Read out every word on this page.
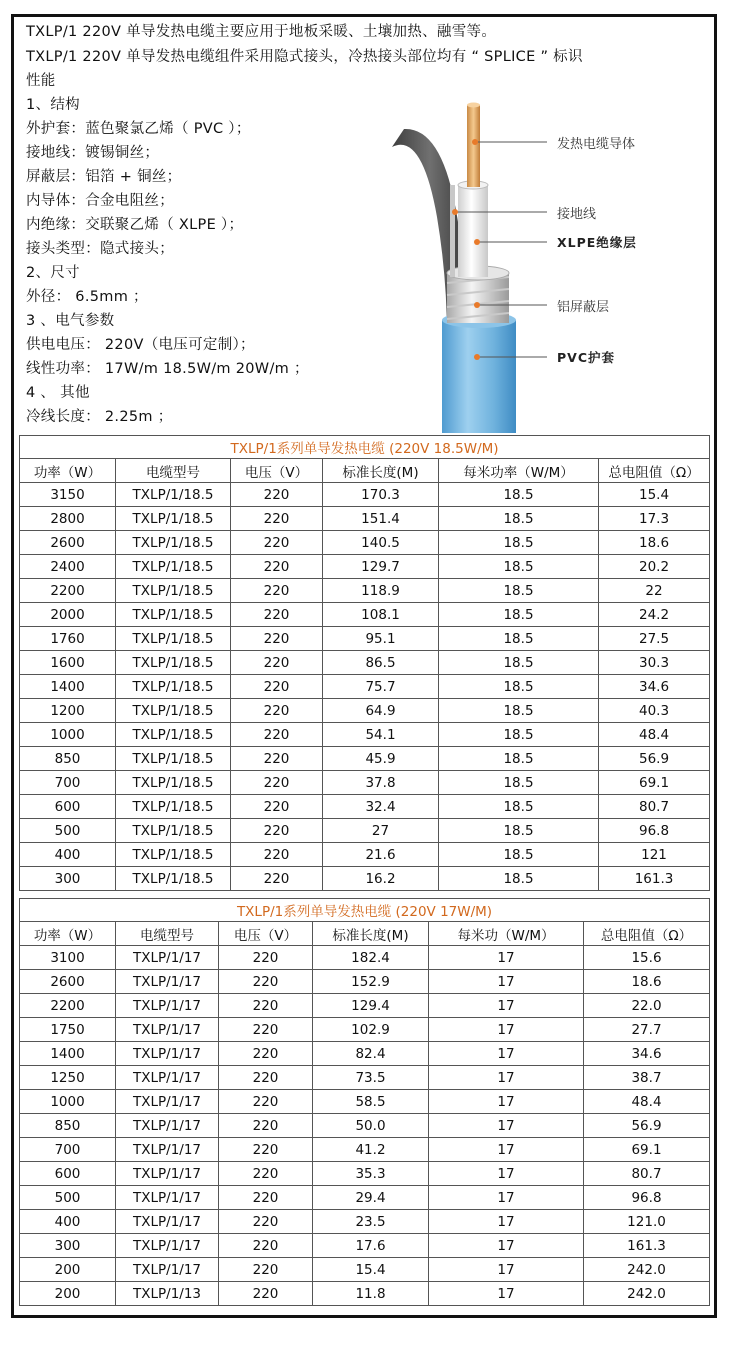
TXLP/1 220V 单导发热电缆主要应用于地板采暖、土壤加热、融雪等。
TXLP/1 220V 单导发热电缆组件采用隐式接头，冷热接头部位均有 “ SPLICE ” 标识
性能
1、结构
外护套：蓝色聚氯乙烯（ PVC ）；
接地线：镀锡铜丝；
屏蔽层：铝箔 + 铜丝；
内导体：合金电阻丝；
内绝缘：交联聚乙烯（ XLPE ）；
接头类型：隐式接头；
2、尺寸
外径： 6.5mm ；
3 、电气参数
供电电压： 220V（电压可定制）；
线性功率： 17W/m 18.5W/m 20W/m ；
4 、 其他
冷线长度： 2.25m ；
发热电缆导体
接地线
XLPE绝缘层
铝屏蔽层
PVC护套
TXLP/1系列单导发热电缆 (220V 18.5W/M)					
功率（W）	电缆型号	电压（V）	标准长度(M)	每米功率（W/M）	总电阻值（Ω）
3150	TXLP/1/18.5	220	170.3	18.5	15.4
2800	TXLP/1/18.5	220	151.4	18.5	17.3
2600	TXLP/1/18.5	220	140.5	18.5	18.6
2400	TXLP/1/18.5	220	129.7	18.5	20.2
2200	TXLP/1/18.5	220	118.9	18.5	22
2000	TXLP/1/18.5	220	108.1	18.5	24.2
1760	TXLP/1/18.5	220	95.1	18.5	27.5
1600	TXLP/1/18.5	220	86.5	18.5	30.3
1400	TXLP/1/18.5	220	75.7	18.5	34.6
1200	TXLP/1/18.5	220	64.9	18.5	40.3
1000	TXLP/1/18.5	220	54.1	18.5	48.4
850	TXLP/1/18.5	220	45.9	18.5	56.9
700	TXLP/1/18.5	220	37.8	18.5	69.1
600	TXLP/1/18.5	220	32.4	18.5	80.7
500	TXLP/1/18.5	220	27	18.5	96.8
400	TXLP/1/18.5	220	21.6	18.5	121
300	TXLP/1/18.5	220	16.2	18.5	161.3
TXLP/1系列单导发热电缆 (220V 17W/M)					
功率（W）	电缆型号	电压（V）	标准长度(M)	每米功（W/M）	总电阻值（Ω）
3100	TXLP/1/17	220	182.4	17	15.6
2600	TXLP/1/17	220	152.9	17	18.6
2200	TXLP/1/17	220	129.4	17	22.0
1750	TXLP/1/17	220	102.9	17	27.7
1400	TXLP/1/17	220	82.4	17	34.6
1250	TXLP/1/17	220	73.5	17	38.7
1000	TXLP/1/17	220	58.5	17	48.4
850	TXLP/1/17	220	50.0	17	56.9
700	TXLP/1/17	220	41.2	17	69.1
600	TXLP/1/17	220	35.3	17	80.7
500	TXLP/1/17	220	29.4	17	96.8
400	TXLP/1/17	220	23.5	17	121.0
300	TXLP/1/17	220	17.6	17	161.3
200	TXLP/1/17	220	15.4	17	242.0
200	TXLP/1/13	220	11.8	17	242.0
